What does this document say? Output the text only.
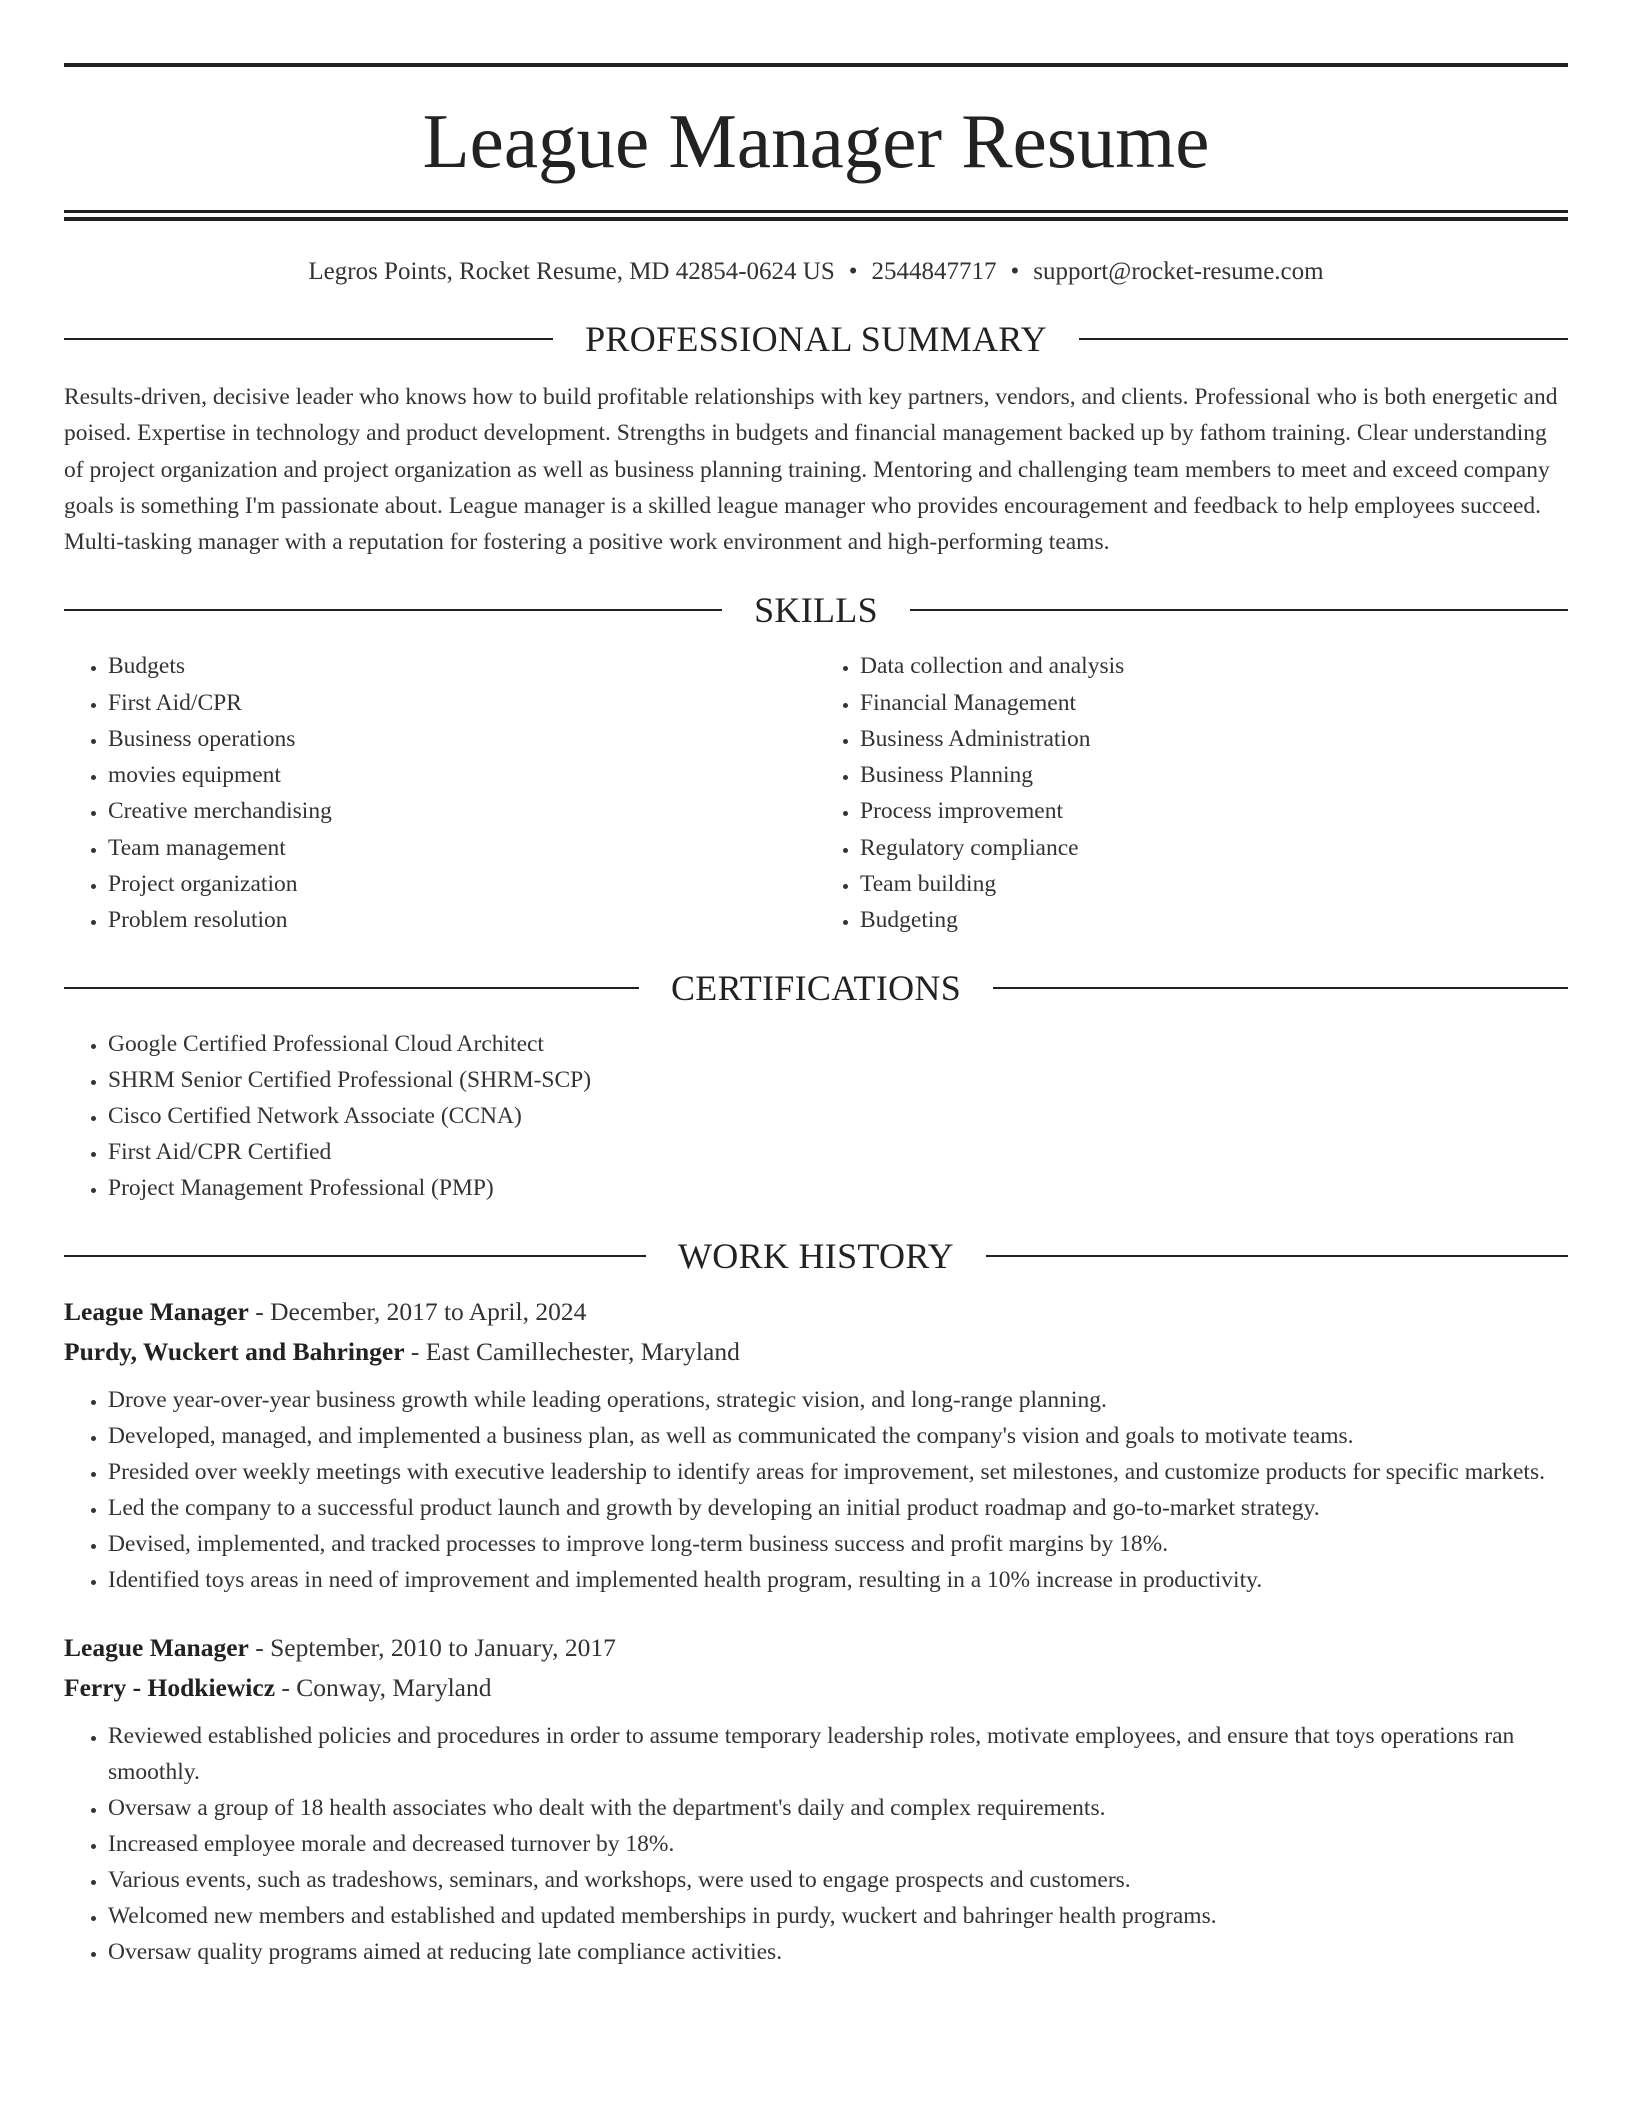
League Manager Resume

Legros Points, Rocket Resume, MD 42854-0624 US • 2544847717 • support@rocket-resume.com

PROFESSIONAL SUMMARY

Results-driven, decisive leader who knows how to build profitable relationships with key partners, vendors, and clients. Professional who is both energetic and poised. Expertise in technology and product development. Strengths in budgets and financial management backed up by fathom training. Clear understanding of project organization and project organization as well as business planning training. Mentoring and challenging team members to meet and exceed company goals is something I'm passionate about. League manager is a skilled league manager who provides encouragement and feedback to help employees succeed. Multi-tasking manager with a reputation for fostering a positive work environment and high-performing teams.

SKILLS
• Budgets
• First Aid/CPR
• Business operations
• movies equipment
• Creative merchandising
• Team management
• Project organization
• Problem resolution
• Data collection and analysis
• Financial Management
• Business Administration
• Business Planning
• Process improvement
• Regulatory compliance
• Team building
• Budgeting
CERTIFICATIONS
• Google Certified Professional Cloud Architect
• SHRM Senior Certified Professional (SHRM-SCP)
• Cisco Certified Network Associate (CCNA)
• First Aid/CPR Certified
• Project Management Professional (PMP)
WORK HISTORY

League Manager - December, 2017 to April, 2024

Purdy, Wuckert and Bahringer - East Camillechester, Maryland

• Drove year-over-year business growth while leading operations, strategic vision, and long-range planning.
• Developed, managed, and implemented a business plan, as well as communicated the company's vision and goals to motivate teams.
• Presided over weekly meetings with executive leadership to identify areas for improvement, set milestones, and customize products for specific markets.
• Led the company to a successful product launch and growth by developing an initial product roadmap and go-to-market strategy.
• Devised, implemented, and tracked processes to improve long-term business success and profit margins by 18%.
• Identified toys areas in need of improvement and implemented health program, resulting in a 10% increase in productivity.

League Manager - September, 2010 to January, 2017

Ferry - Hodkiewicz - Conway, Maryland

• Reviewed established policies and procedures in order to assume temporary leadership roles, motivate employees, and ensure that toys operations ran smoothly.
• Oversaw a group of 18 health associates who dealt with the department's daily and complex requirements.
• Increased employee morale and decreased turnover by 18%.
• Various events, such as tradeshows, seminars, and workshops, were used to engage prospects and customers.
• Welcomed new members and established and updated memberships in purdy, wuckert and bahringer health programs.
• Oversaw quality programs aimed at reducing late compliance activities.
